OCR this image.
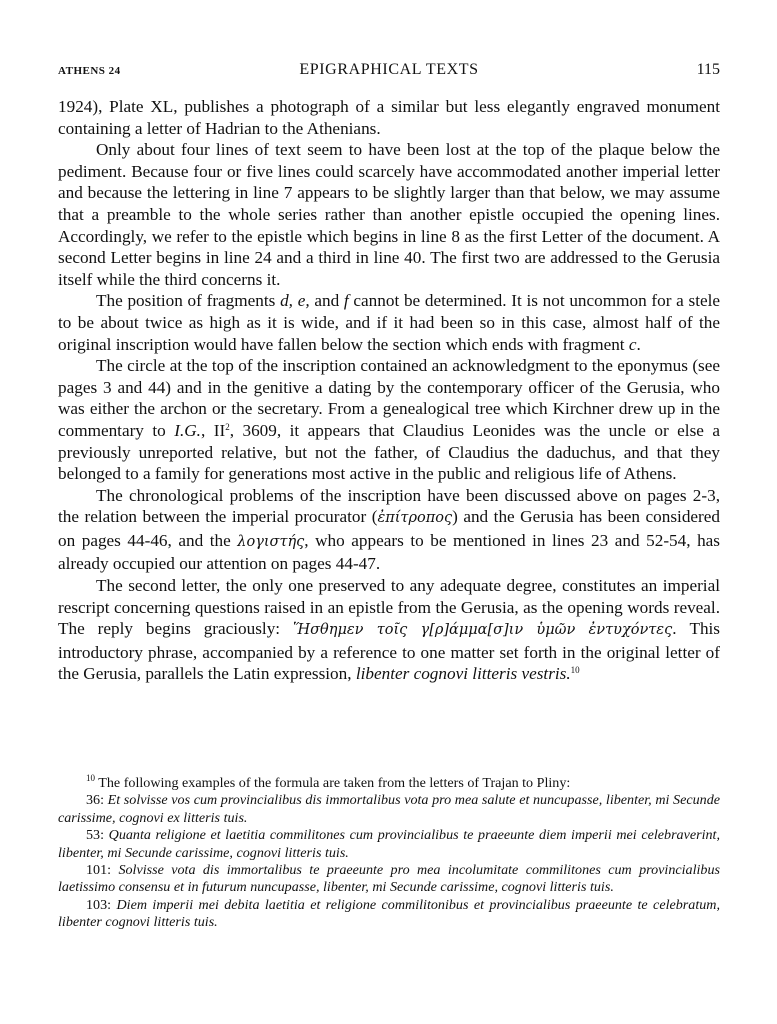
ATHENS 24	EPIGRAPHICAL TEXTS	115

1924), Plate XL, publishes a photograph of a similar but less elegantly engraved monument containing a letter of Hadrian to the Athenians.

Only about four lines of text seem to have been lost at the top of the plaque below the pediment. Because four or five lines could scarcely have accommodated another imperial letter and because the lettering in line 7 appears to be slightly larger than that below, we may assume that a preamble to the whole series rather than another epistle occupied the opening lines. Accordingly, we refer to the epistle which begins in line 8 as the first Letter of the document. A second Letter begins in line 24 and a third in line 40. The first two are addressed to the Gerusia itself while the third concerns it.

The position of fragments d, e, and f cannot be determined. It is not uncommon for a stele to be about twice as high as it is wide, and if it had been so in this case, almost half of the original inscription would have fallen below the section which ends with fragment c.

The circle at the top of the inscription contained an acknowledgment to the eponymus (see pages 3 and 44) and in the genitive a dating by the contemporary officer of the Gerusia, who was either the archon or the secretary. From a genealogical tree which Kirchner drew up in the commentary to I.G., $II^2$, 3609, it appears that Claudius Leonides was the uncle or else a previously unreported relative, but not the father, of Claudius the daduchus, and that they belonged to a family for generations most active in the public and religious life of Athens.

The chronological problems of the inscription have been discussed above on pages 2-3, the relation between the imperial procurator (ἐπίτροπος) and the Gerusia has been considered on pages 44-46, and the λογιστής, who appears to be mentioned in lines 23 and 52-54, has already occupied our attention on pages 44-47.

The second letter, the only one preserved to any adequate degree, constitutes an imperial rescript concerning questions raised in an epistle from the Gerusia, as the opening words reveal. The reply begins graciously: Ἥσθημεν τοῖς γ[ρ]άμμα[σ]ιν ὑμῶν ἐντυχόντες. This introductory phrase, accompanied by a reference to one matter set forth in the original letter of the Gerusia, parallels the Latin expression, libenter cognovi litteris vestris.$^{10}$

$^{10}$ The following examples of the formula are taken from the letters of Trajan to Pliny:

36: Et solvisse vos cum provincialibus dis immortalibus vota pro mea salute et nuncupasse, libenter, mi Secunde carissime, cognovi ex litteris tuis.

53: Quanta religione et laetitia commilitones cum provincialibus te praeeunte diem imperii mei celebraverint, libenter, mi Secunde carissime, cognovi litteris tuis.

101: Solvisse vota dis immortalibus te praeeunte pro mea incolumitate commilitones cum provincialibus laetissimo consensu et in futurum nuncupasse, libenter, mi Secunde carissime, cognovi litteris tuis.

103: Diem imperii mei debita laetitia et religione commilitonibus et provincialibus praeeunte te celebratum, libenter cognovi litteris tuis.
